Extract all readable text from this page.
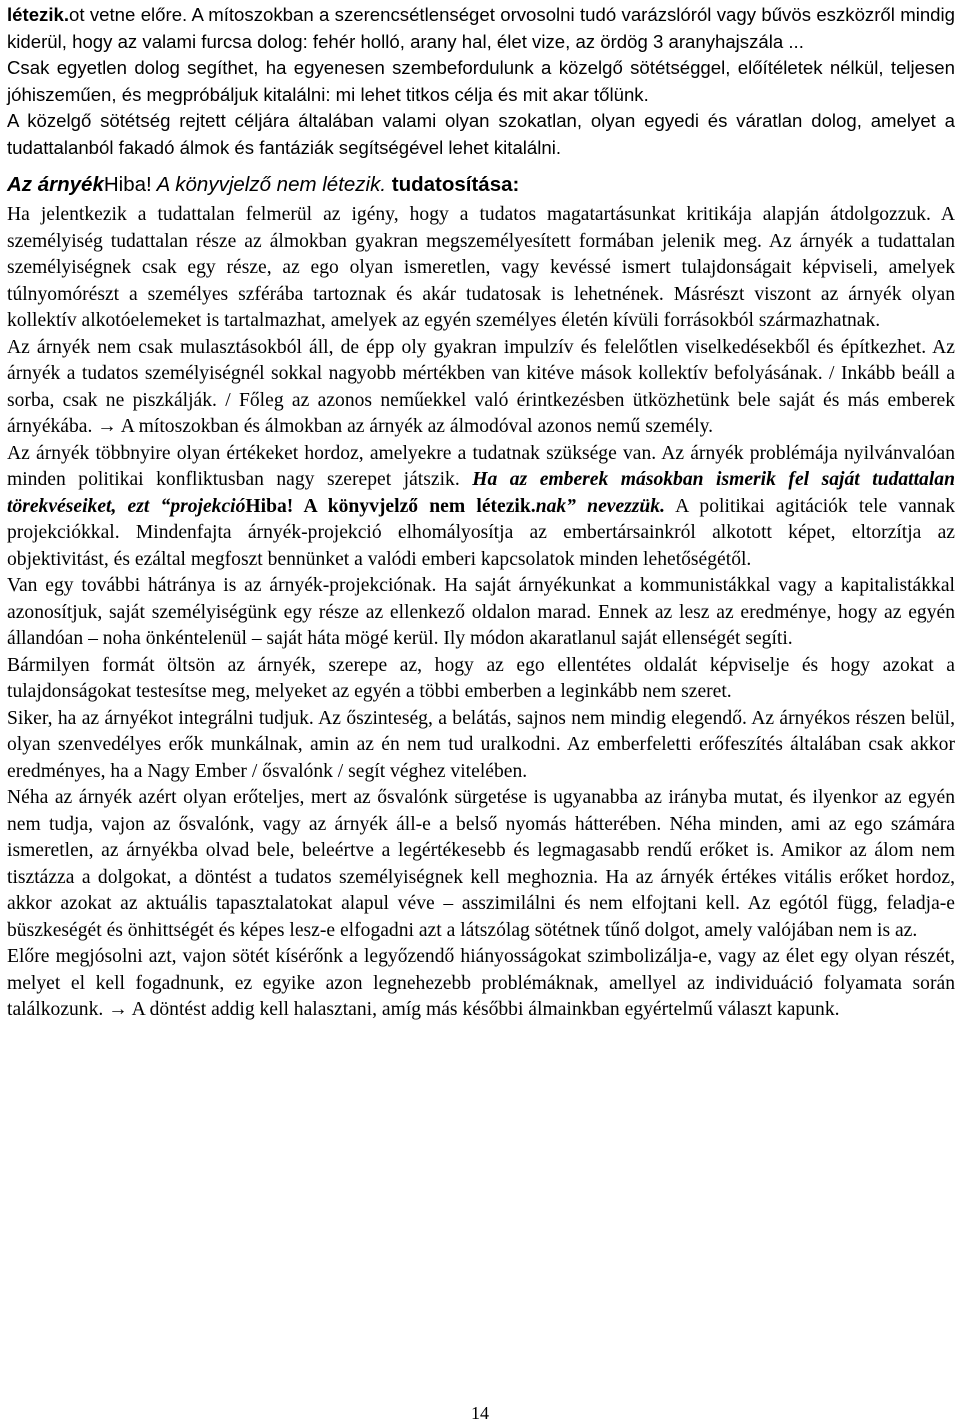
létezik.ot vetne előre. A mítoszokban a szerencsétlenséget orvosolni tudó varázslóról vagy bűvös eszközről mindig kiderül, hogy az valami furcsa dolog: fehér holló, arany hal, élet vize, az ördög 3 aranyhajszála ...

Csak egyetlen dolog segíthet, ha egyenesen szembefordulunk a közelgő sötétséggel, előítéletek nélkül, teljesen jóhiszeműen, és megpróbáljuk kitalálni: mi lehet titkos célja és mit akar tőlünk.

A közelgő sötétség rejtett céljára általában valami olyan szokatlan, olyan egyedi és váratlan dolog, amelyet a tudattalanból fakadó álmok és fantáziák segítségével lehet kitalálni.

Az árnyékHiba! A könyvjelző nem létezik. tudatosítása:

Ha jelentkezik a tudattalan felmerül az igény, hogy a tudatos magatartásunkat kritikája alapján átdolgozzuk. A személyiség tudattalan része az álmokban gyakran megszemélyesített formában jelenik meg. Az árnyék a tudattalan személyiségnek csak egy része, az ego olyan ismeretlen, vagy kevéssé ismert tulajdonságait képviseli, amelyek túlnyomórészt a személyes szférába tartoznak és akár tudatosak is lehetnének. Másrészt viszont az árnyék olyan kollektív alkotóelemeket is tartalmazhat, amelyek az egyén személyes életén kívüli forrásokból származhatnak.

Az árnyék nem csak mulasztásokból áll, de épp oly gyakran impulzív és felelőtlen viselkedésekből és építkezhet. Az árnyék a tudatos személyiségnél sokkal nagyobb mértékben van kitéve mások kollektív befolyásának. / Inkább beáll a sorba, csak ne piszkálják. / Főleg az azonos neműekkel való érintkezésben ütközhetünk bele saját és más emberek árnyékába. → A mítoszokban és álmokban az árnyék az álmodóval azonos nemű személy.

Az árnyék többnyire olyan értékeket hordoz, amelyekre a tudatnak szüksége van. Az árnyék problémája nyilvánvalóan minden politikai konfliktusban nagy szerepet játszik. Ha az emberek másokban ismerik fel saját tudattalan törekvéseiket, ezt “projekcióHiba! A könyvjelző nem létezik.nak” nevezzük. A politikai agitációk tele vannak projekciókkal. Mindenfajta árnyék-projekció elhomályosítja az embertársainkról alkotott képet, eltorzítja az objektivitást, és ezáltal megfoszt bennünket a valódi emberi kapcsolatok minden lehetőségétől.

Van egy további hátránya is az árnyék-projekciónak. Ha saját árnyékunkat a kommunistákkal vagy a kapitalistákkal azonosítjuk, saját személyiségünk egy része az ellenkező oldalon marad. Ennek az lesz az eredménye, hogy az egyén állandóan – noha önkéntelenül – saját háta mögé kerül. Ily módon akaratlanul saját ellenségét segíti.

Bármilyen formát öltsön az árnyék, szerepe az, hogy az ego ellentétes oldalát képviselje és hogy azokat a tulajdonságokat testesítse meg, melyeket az egyén a többi emberben a leginkább nem szeret.

Siker, ha az árnyékot integrálni tudjuk. Az őszinteség, a belátás, sajnos nem mindig elegendő. Az árnyékos részen belül, olyan szenvedélyes erők munkálnak, amin az én nem tud uralkodni. Az emberfeletti erőfeszítés általában csak akkor eredményes, ha a Nagy Ember / ősvalónk / segít véghez vitelében.

Néha az árnyék azért olyan erőteljes, mert az ősvalónk sürgetése is ugyanabba az irányba mutat, és ilyenkor az egyén nem tudja, vajon az ősvalónk, vagy az árnyék áll-e a belső nyomás hátterében. Néha minden, ami az ego számára ismeretlen, az árnyékba olvad bele, beleértve a legértékesebb és legmagasabb rendű erőket is. Amikor az álom nem tisztázza a dolgokat, a döntést a tudatos személyiségnek kell meghoznia. Ha az árnyék értékes vitális erőket hordoz, akkor azokat az aktuális tapasztalatokat alapul véve – asszimilálni és nem elfojtani kell. Az egótól függ, feladja-e büszkeségét és önhittségét és képes lesz-e elfogadni azt a látszólag sötétnek tűnő dolgot, amely valójában nem is az.

Előre megjósolni azt, vajon sötét kísérőnk a legyőzendő hiányosságokat szimbolizálja-e, vagy az élet egy olyan részét, melyet el kell fogadnunk, ez egyike azon legnehezebb problémáknak, amellyel az individuáció folyamata során találkozunk. → A döntést addig kell halasztani, amíg más későbbi álmainkban egyértelmű választ kapunk.

14
